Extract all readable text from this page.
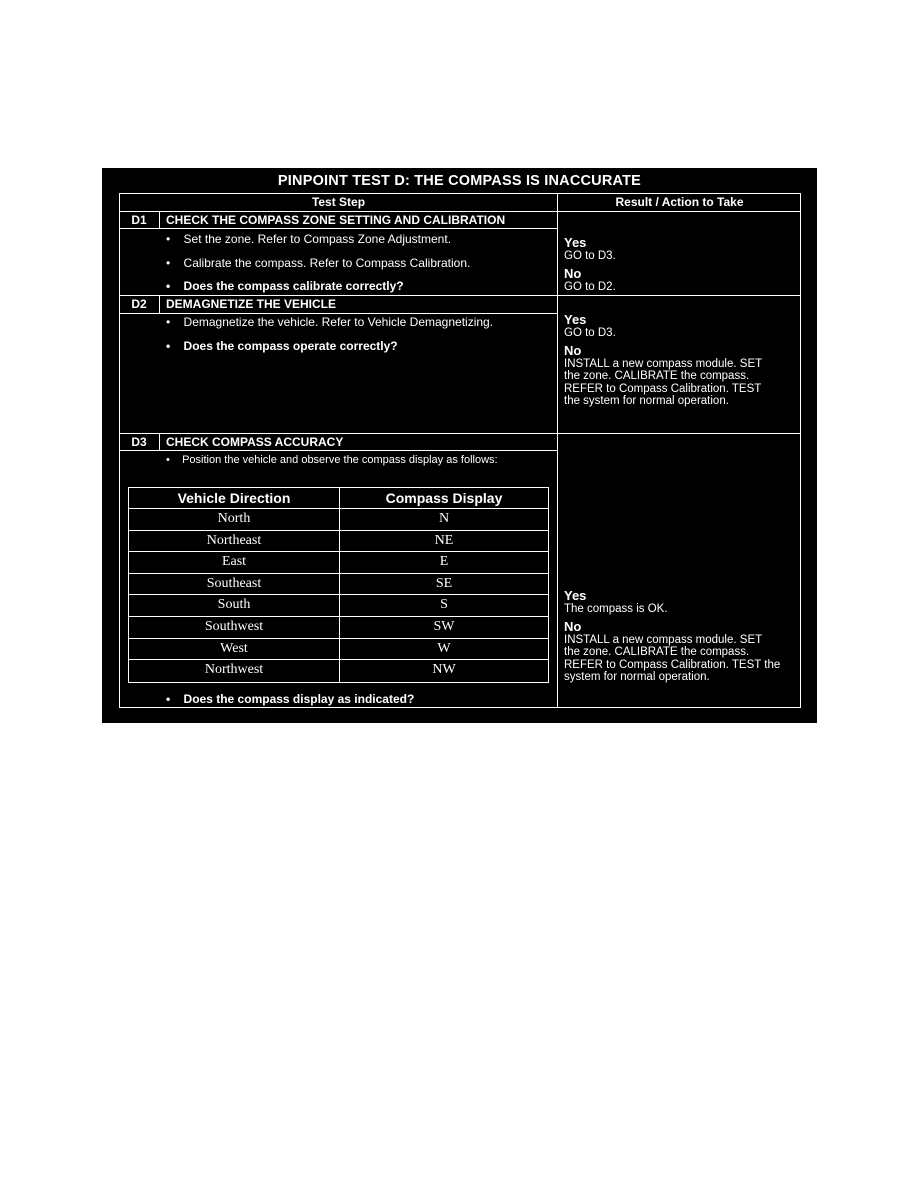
PINPOINT TEST D: THE COMPASS IS INACCURATE
Test Step	Result / Action to Take
D1	CHECK THE COMPASS ZONE SETTING AND CALIBRATION
•    Set the zone. Refer to Compass Zone Adjustment.
•    Calibrate the compass. Refer to Compass Calibration.
•    Does the compass calibrate correctly?
Yes
GO to D3.
No
GO to D2.
D2	DEMAGNETIZE THE VEHICLE
•    Demagnetize the vehicle. Refer to Vehicle Demagnetizing.
•    Does the compass operate correctly?
Yes
GO to D3.
No
INSTALL a new compass module. SET
the zone. CALIBRATE the compass.
REFER to Compass Calibration. TEST
the system for normal operation.
D3	CHECK COMPASS ACCURACY
•    Position the vehicle and observe the compass display as follows:
Vehicle Direction	Compass Display
North	N
Northeast	NE
East	E
Southeast	SE
South	S
Southwest	SW
West	W
Northwest	NW
•    Does the compass display as indicated?
Yes
The compass is OK.
No
INSTALL a new compass module. SET
the zone. CALIBRATE the compass.
REFER to Compass Calibration. TEST the
system for normal operation.
